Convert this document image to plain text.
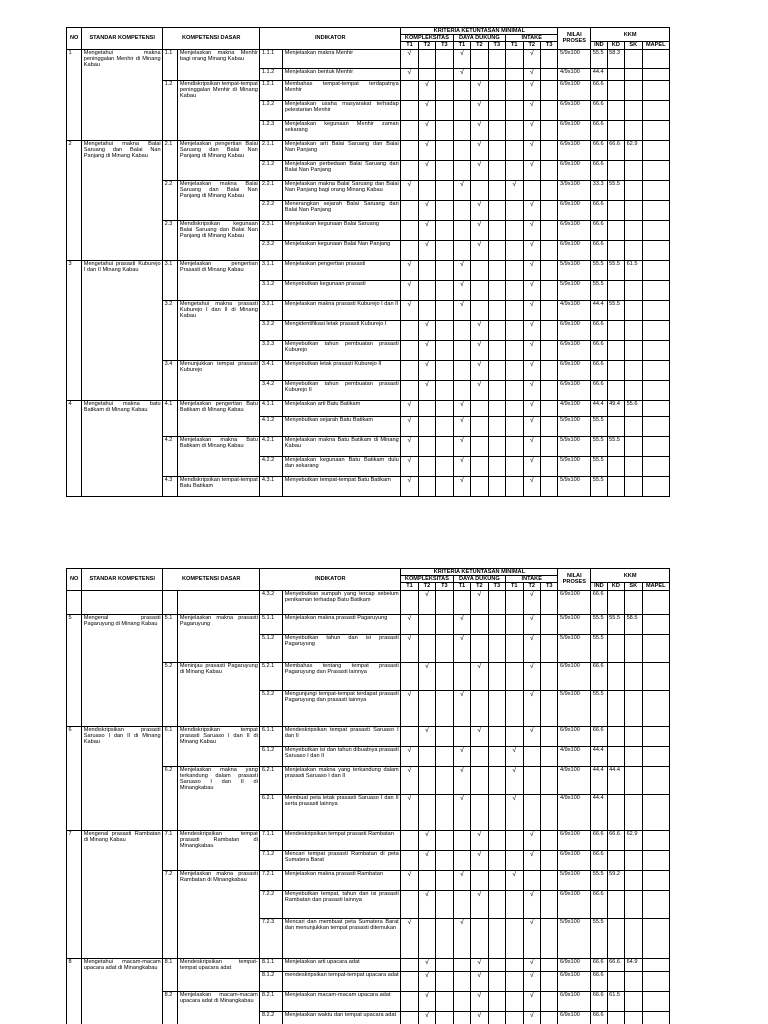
NO	STANDAR KOMPETENSI	KOMPETENSI DASAR		INDIKATOR		KRITERIA KETUNTASAN MINIMAL									NILAI PROSES	KKM			
						KOMPLEKSITAS			DAYA DUKUNG			INTAKE							
						T1	T2	T3	T1	T2	T3	T1	T2	T3		IND	KD	SK	MAPEL
1	Mengetahui makna peninggalan Menhir di Minang Kabau	1.1	Menjelaskan makna Menhir bagi orang Minang Kabau	1.1.1	Menjelaskan makna Menhir	√			√				√		5/9x100	55.5	58.3		
				1.1.2	Menjelaskan bentuk Menhir	√			√				√		4/9x100	44.4			
		1.2	Mendiskripsikan tempat-tempat peninggalan Menhir di Minang Kabau	1.2.1	Membahas tempat-tempat terdapatnya Menhir		√			√			√		6/9x100	66.6			
				1.2.2	Menjelaskan usaha masyarakat terhadap pelestarian Menhir		√			√			√		6/9x100	66.6			
				1.2.3	Menjelaskan kegunaan Menhir zaman sekarang		√			√			√		6/9x100	66.6			
2	Mengetahui makna Balai Saruang dan Balai Nan Panjang di Minang Kabau	2.1	Menjelaskan pengertian Balai Saruang dan Balai Nan Panjang di Minang Kabau	2.1.1	Menjelaskan arti Balai Saruang dan Balai Nan Panjang		√			√			√		6/9x100	66.6	66.6	62.9	
				2.1.2	Menjelaskan perbedaan Balai Saruang dan Balai Nan Panjang		√			√			√		6/9x100	66.6			
		2.2	Menjelaskan makna Balai Saruang dan Balai Nan Panjang di Minang Kabau	2.2.1	Menjelaskan makna Balai Saruang dan Balai Nan Panjang bagi orang Minang Kabau	√			√			√			3/9x100	33.3	55.5		
				2.2.2	Menerangkan sejarah Balai Saruang dan Balai Nan Panjang		√			√			√		6/9x100	66.6			
		2.3	Mendiskripsikan kegunaan Balai Saruang dan Balai Nan Panjang di Minang Kabau	2.3.1	Menjelaskan kegunaan Balai Saruang		√			√			√		6/9x100	66.6			
				2.3.2	Menjelaskan kegunaan Balai Nan Panjang		√			√			√		6/9x100	66.6			
3	Mengetahui prasasti Kuburejo I dan II Minang Kabau	3.1	Menjelaskan pengertian Prasasti di Minang Kabau	3.1.1	Menjelaskan pengertian prasasti	√			√				√		5/9x100	55.5	55.5	61.5	
				3.1.2	Menyebutkan kegunaan prasasti	√			√				√		5/9x100	55.5			
		3.2	Mengetahui makna prasasti Kuburejo I dan II di Minang Kabau	3.2.1	Menjelaskan makna prasasti Kuburejo I dan II	√			√				√		4/9x100	44.4	55.5		
				3.2.2	Mengidentifikasi letak prasasti Kuburejo I		√			√			√		6/9x100	66.6			
				3.2.3	Menyebutkan tahun pembuatan prasasti Kuburejo		√			√			√		6/9x100	66.6			
		3.4	Menunjukkan tempat prasasti Kuburejo	3.4.1	Menyebutkan letak prasasti Kuburejo II		√			√			√		6/9x100	66.6			
				3.4.2	Menyebutkan tahun pembuatan prasasti Kuburejo II		√			√			√		6/9x100	66.6			
4	Mengetahui makna batu Batikam di Minang Kabau	4.1	Menjelaskan pengertian Batu Batikam di Minang Kabau	4.1.1	Menjelaskan arti Batu Batikam	√			√				√		4/9x100	44.4	49.4	55.6	
				4.1.2	Menyebutkan sejarah Batu Batikam	√			√				√		5/9x100	55.5			
		4.2	Menjelaskan makna Batu Batikam di Minang Kabau	4.2.1	Menjelaskan makna Batu Batikam di Minang Kabau	√			√				√		5/9x100	55.5	55.5		
				4.2.2	Menjelaskan kegunaan Batu Batikam dulu dan sekarang	√			√				√		5/9x100	55.5			
		4.3	Mendiskripsikan tempat-tempat Batu Batikam	4.3.1	Menyebutkan tempat-tempat Batu Batikam	√			√				√		5/9x100	55.5			
				4.3.2	Menyebutkan sumpah yang tercap sebelum penikaman terhadap Batu Batikam		√			√			√		6/9x100	66.6			
NO	STANDAR KOMPETENSI	KOMPETENSI DASAR		INDIKATOR		KRITERIA KETUNTASAN MINIMAL									NILAI PROSES	KKM			
						KOMPLEKSITAS			DAYA DUKUNG			INTAKE							
						T1	T2	T3	T1	T2	T3	T1	T2	T3		IND	KD	SK	MAPEL
5	Mengenal prasasti Pagaruyung di Minang Kabau	5.1	Menjelaskan makna prasasti Pagaruyung	5.1.1	Menjelaskan makna prasasti Pagaruyung	√			√				√		5/9x100	55.5	55.5	58.5	
				5.1.2	Menyebutkan tahun dan isi prasasti Pagaruyung	√			√				√		5/9x100	55.5			
		5.2	Meninjau prasasti Pagaruyung di Minang Kabau	5.2.1	Membahas tentang tempat prasasti Pagaruyung dan Prasasti lainnya		√			√			√		6/9x100	66.6			
				5.2.2	Mengunjungi tempat-tempat terdapat prasasti Pagaruyung dan prasasti lainnya	√			√				√		5/9x100	55.5			
6	Mendiskripsikan prasasti Saruaso I dan II di Minang Kabau	6.1	Mendiskripsikan tempat prasasti Saruaso I dan II di Minang Kabau	6.1.1	Mendeskripsikan tempat prasasti Saruaso I dan II		√			√			√		6/9x100	66.6			
				6.1.2	Menyebutkan isi dan tahun dibuatnya prasasti Saruaso I dan II	√			√			√			4/9x100	44.4			
		6.2	Menjelaskan makna yang terkandung dalam prasasti Saruaso I dan II di Minangkabau	6.2.1	Menjelaskan makna yang terkandung dalam prasasti Saruaso I dan II	√			√			√			4/9x100	44.4	44.4		
				6.2.1	Membuat peta letak prasasti Saruaso I dan II serta prasasti lainnya	√			√			√			4/9x100	44.4			
7	Mengenal prasasti Rambatan di Minang Kabau	7.1	Mendeskripsikan tempat prasasti Rambatan di Minangkabau	7.1.1	Mendeskripsikan tempat prasasti Rambatan		√			√			√		6/9x100	66.6	66.6	62.9	
				7.1.2	Mencari tempat prasasti Rambatan di peta Sumatera Barat		√			√			√		6/9x100	66.6			
		7.2	Menjelaskan makna prasasti Rambatan di Minangkabau	7.2.1	Menjelaskan makna prasasti Rambatan	√			√			√			5/9x100	55.5	59.2		
				7.2.2	Menyebutkan tempat, tahun dan isi prasasti Rambatan dan prasasti lainnya		√			√			√		6/9x100	66.6			
				7.2.3	Mencari dan membuat peta Sumatera Barat dan menunjukkan tempat prasasti ditemukan	√			√				√		5/9x100	55.5			
8	Mengetahui macam-macam upacara adat di Minangkabau	8.1	Mendeskripsikan tempat-tempat upacara adat	8.1.1	Menjelaskan arti upacara adat		√			√			√		6/9x100	66.6	66.6	64.9	
				8.1.2	mendeskripsikan tempat-tempat upacara adat		√			√			√		6/9x100	66.6			
		8.2	Menjelaskan macam-macam upacara adat di Minangkabau	8.2.1	Menjelaskan macam-macam upacara adat		√			√			√		6/9x100	66.6	61.5		
				8.2.2	Menjelaskan waktu dan tempat upacara adat		√			√			√		6/9x100	66.6			
